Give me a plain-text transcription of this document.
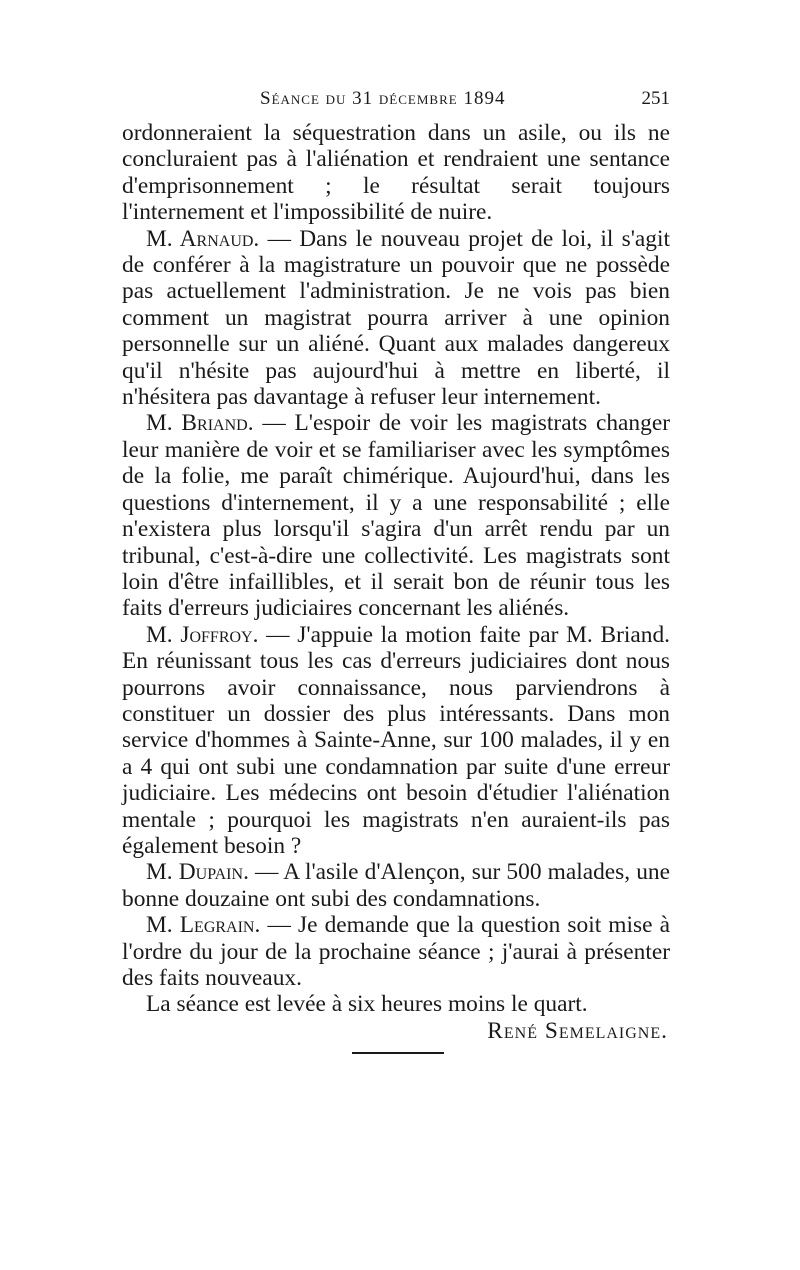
Séance du 31 décembre 1894	251

ordonneraient la séquestration dans un asile, ou ils ne concluraient pas à l'aliénation et rendraient une sentance d'emprisonnement ; le résultat serait toujours l'internement et l'impossibilité de nuire.

M. Arnaud. — Dans le nouveau projet de loi, il s'agit de conférer à la magistrature un pouvoir que ne possède pas actuellement l'administration. Je ne vois pas bien comment un magistrat pourra arriver à une opinion personnelle sur un aliéné. Quant aux malades dangereux qu'il n'hésite pas aujourd'hui à mettre en liberté, il n'hésitera pas davantage à refuser leur internement.

M. Briand. — L'espoir de voir les magistrats changer leur manière de voir et se familiariser avec les symptômes de la folie, me paraît chimérique. Aujourd'hui, dans les questions d'internement, il y a une responsabilité ; elle n'existera plus lorsqu'il s'agira d'un arrêt rendu par un tribunal, c'est-à-dire une collectivité. Les magistrats sont loin d'être infaillibles, et il serait bon de réunir tous les faits d'erreurs judiciaires concernant les aliénés.

M. Joffroy. — J'appuie la motion faite par M. Briand. En réunissant tous les cas d'erreurs judiciaires dont nous pourrons avoir connaissance, nous parviendrons à constituer un dossier des plus intéressants. Dans mon service d'hommes à Sainte-Anne, sur 100 malades, il y en a 4 qui ont subi une condamnation par suite d'une erreur judiciaire. Les médecins ont besoin d'étudier l'aliénation mentale ; pourquoi les magistrats n'en auraient-ils pas également besoin ?

M. Dupain. — A l'asile d'Alençon, sur 500 malades, une bonne douzaine ont subi des condamnations.

M. Legrain. — Je demande que la question soit mise à l'ordre du jour de la prochaine séance ; j'aurai à présenter des faits nouveaux.

La séance est levée à six heures moins le quart.

René Semelaigne.
